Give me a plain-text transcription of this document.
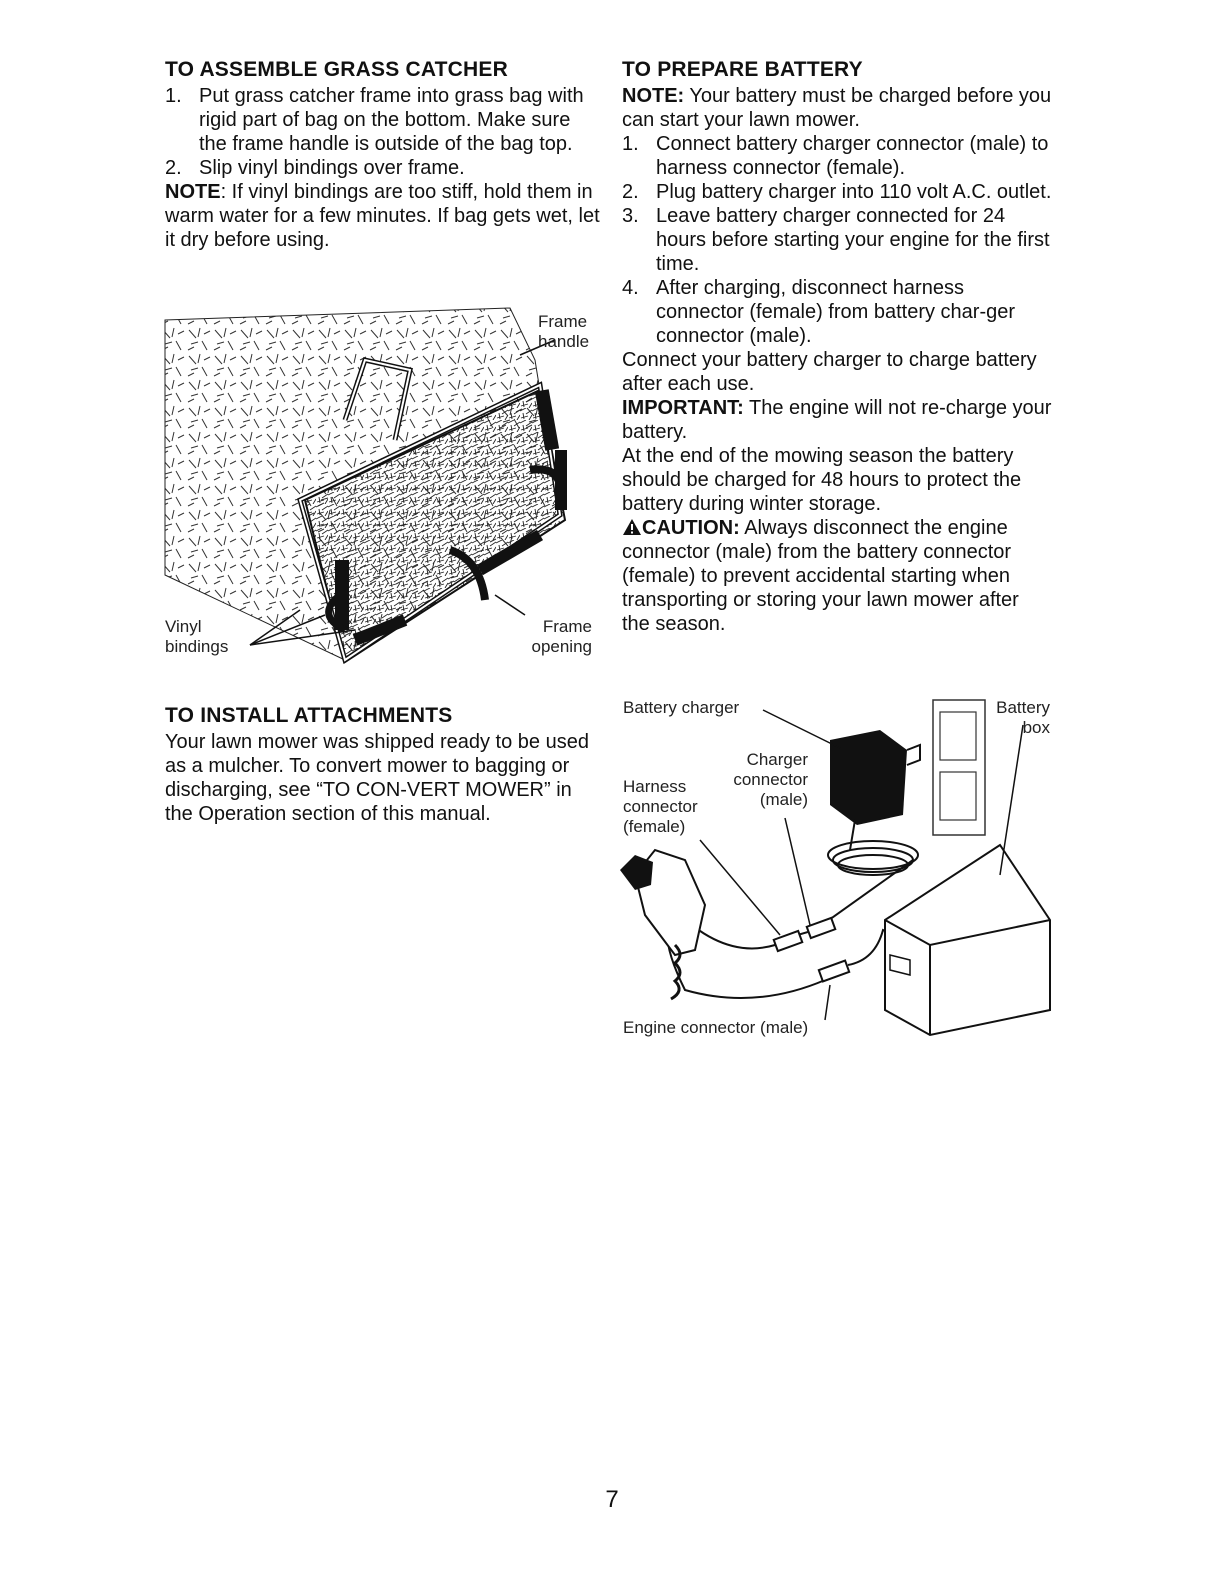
TO ASSEMBLE GRASS CATCHER
1. Put grass catcher frame into grass bag with rigid part of bag on the bottom. Make sure the frame handle is outside of the bag top.
2. Slip vinyl bindings over frame.

NOTE: If vinyl bindings are too stiff, hold them in warm water for a few minutes. If bag gets wet, let it dry before using.

Frame
handle
Vinyl
bindings
Frame
opening
TO INSTALL ATTACHMENTS

Your lawn mower was shipped ready to be used as a mulcher. To convert mower to bagging or discharging, see “TO CON-VERT MOWER” in the Operation section of this manual.

TO PREPARE BATTERY

NOTE: Your battery must be charged before you can start your lawn mower.

1. Connect battery charger connector (male) to harness connector (female).
2. Plug battery charger into 110 volt A.C. outlet.
3. Leave battery charger connected for 24 hours before starting your engine for the first time.
4. After charging, disconnect harness connector (female) from battery char-ger connector (male).

Connect your battery charger to charge battery after each use.

IMPORTANT: The engine will not re-charge your battery.

At the end of the mowing season the battery should be charged for 48 hours to protect the battery during winter storage.

CAUTION: Always disconnect the engine connector (male) from the battery connector (female) to prevent accidental starting when transporting or storing your lawn mower after the season.

Battery charger	Battery
box
Charger
connector
(male)
Harness
connector
(female)
Engine connector (male)
7
